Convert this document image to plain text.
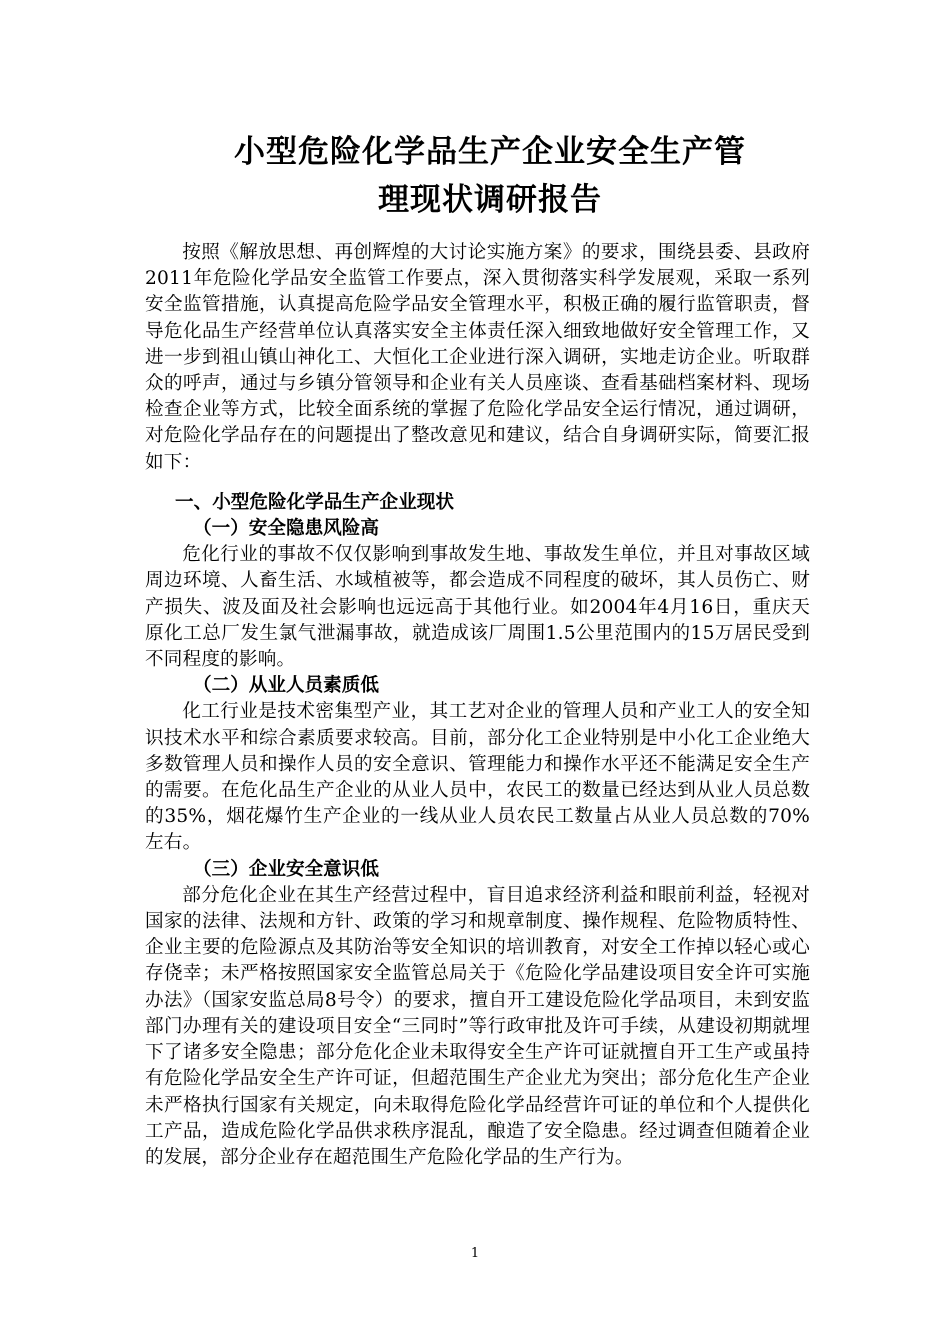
小型危险化学品生产企业安全生产管
理现状调研报告

按照《解放思想、再创辉煌的大讨论实施方案》的要求，围绕县委、县政府2011年危险化学品安全监管工作要点，深入贯彻落实科学发展观，采取一系列安全监管措施，认真提高危险学品安全管理水平，积极正确的履行监管职责，督导危化品生产经营单位认真落实安全主体责任深入细致地做好安全管理工作，又进一步到祖山镇山神化工、大恒化工企业进行深入调研，实地走访企业。听取群众的呼声，通过与乡镇分管领导和企业有关人员座谈、查看基础档案材料、现场检查企业等方式，比较全面系统的掌握了危险化学品安全运行情况，通过调研，对危险化学品存在的问题提出了整改意见和建议，结合自身调研实际，简要汇报如下：

一、小型危险化学品生产企业现状
（一）安全隐患风险高

危化行业的事故不仅仅影响到事故发生地、事故发生单位，并且对事故区域周边环境、人畜生活、水域植被等，都会造成不同程度的破坏，其人员伤亡、财产损失、波及面及社会影响也远远高于其他行业。如2004年4月16日，重庆天原化工总厂发生氯气泄漏事故，就造成该厂周围1.5公里范围内的15万居民受到不同程度的影响。

（二）从业人员素质低

化工行业是技术密集型产业，其工艺对企业的管理人员和产业工人的安全知识技术水平和综合素质要求较高。目前，部分化工企业特别是中小化工企业绝大多数管理人员和操作人员的安全意识、管理能力和操作水平还不能满足安全生产的需要。在危化品生产企业的从业人员中，农民工的数量已经达到从业人员总数的35%，烟花爆竹生产企业的一线从业人员农民工数量占从业人员总数的70%左右。

（三）企业安全意识低

部分危化企业在其生产经营过程中，盲目追求经济利益和眼前利益，轻视对国家的法律、法规和方针、政策的学习和规章制度、操作规程、危险物质特性、企业主要的危险源点及其防治等安全知识的培训教育，对安全工作掉以轻心或心存侥幸；未严格按照国家安全监管总局关于《危险化学品建设项目安全许可实施办法》（国家安监总局8号令）的要求，擅自开工建设危险化学品项目，未到安监部门办理有关的建设项目安全“三同时”等行政审批及许可手续，从建设初期就埋下了诸多安全隐患；部分危化企业未取得安全生产许可证就擅自开工生产或虽持有危险化学品安全生产许可证，但超范围生产企业尤为突出；部分危化生产企业未严格执行国家有关规定，向未取得危险化学品经营许可证的单位和个人提供化工产品，造成危险化学品供求秩序混乱，酿造了安全隐患。经过调查但随着企业的发展，部分企业存在超范围生产危险化学品的生产行为。

1
